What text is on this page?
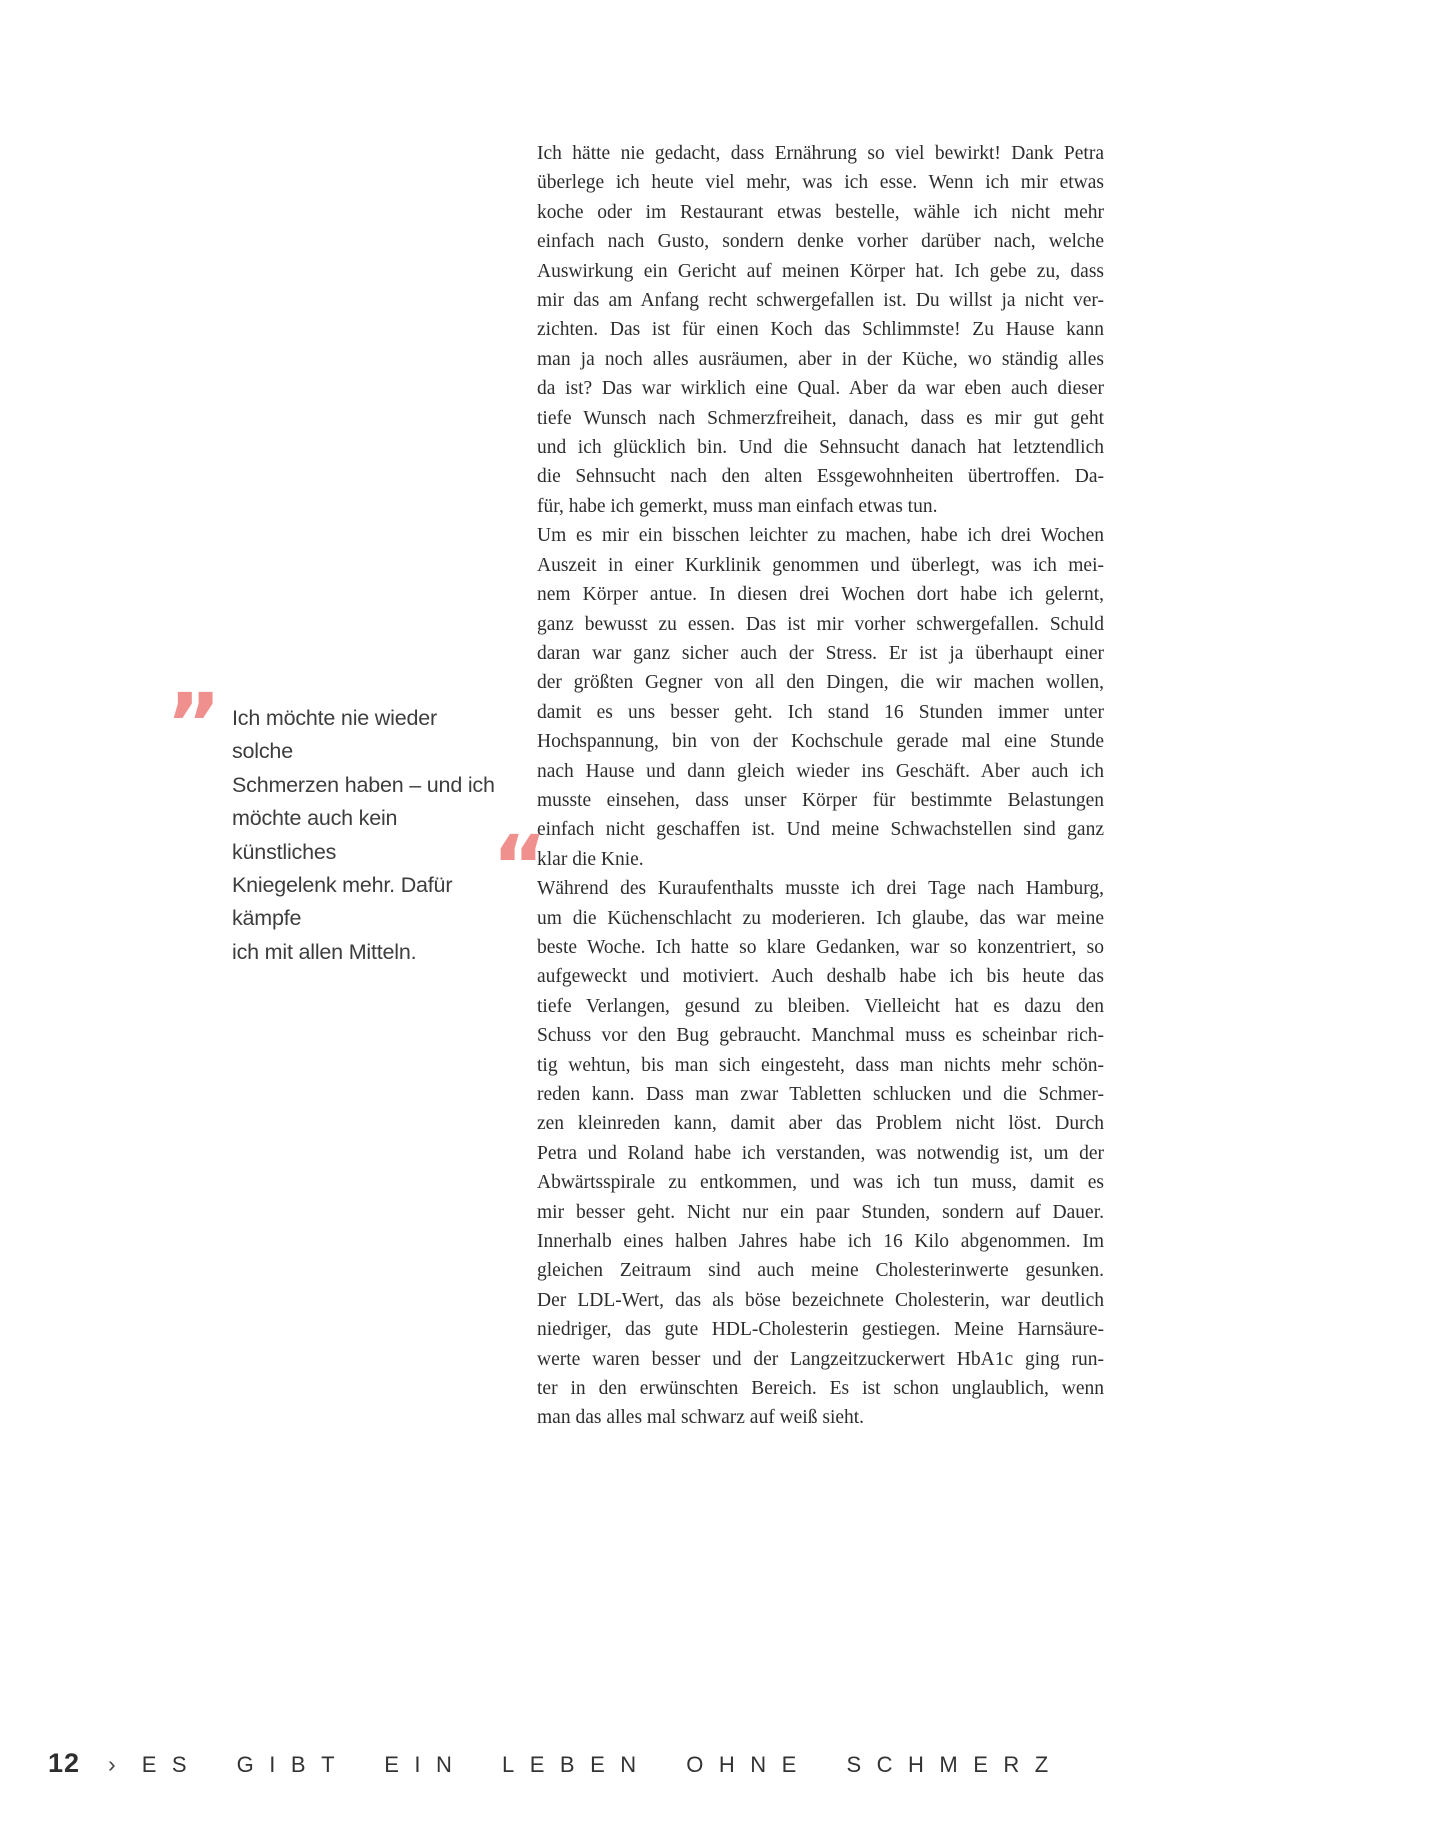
Ich hätte nie gedacht, dass Ernährung so viel bewirkt! Dank Petra
überlege ich heute viel mehr, was ich esse. Wenn ich mir etwas
koche oder im Restaurant etwas bestelle, wähle ich nicht mehr
einfach nach Gusto, sondern denke vorher darüber nach, welche
Auswirkung ein Gericht auf meinen Körper hat. Ich gebe zu, dass
mir das am Anfang recht schwergefallen ist. Du willst ja nicht ver-
zichten. Das ist für einen Koch das Schlimmste! Zu Hause kann
man ja noch alles ausräumen, aber in der Küche, wo ständig alles
da ist? Das war wirklich eine Qual. Aber da war eben auch dieser
tiefe Wunsch nach Schmerzfreiheit, danach, dass es mir gut geht
und ich glücklich bin. Und die Sehnsucht danach hat letztendlich
die Sehnsucht nach den alten Essgewohnheiten übertroffen. Da-
für, habe ich gemerkt, muss man einfach etwas tun.
Um es mir ein bisschen leichter zu machen, habe ich drei Wochen
Auszeit in einer Kurklinik genommen und überlegt, was ich mei-
nem Körper antue. In diesen drei Wochen dort habe ich gelernt,
ganz bewusst zu essen. Das ist mir vorher schwergefallen. Schuld
daran war ganz sicher auch der Stress. Er ist ja überhaupt einer
der größten Gegner von all den Dingen, die wir machen wollen,
damit es uns besser geht. Ich stand 16 Stunden immer unter
Hochspannung, bin von der Kochschule gerade mal eine Stunde
nach Hause und dann gleich wieder ins Geschäft. Aber auch ich
musste einsehen, dass unser Körper für bestimmte Belastungen
einfach nicht geschaffen ist. Und meine Schwachstellen sind ganz
klar die Knie.
Während des Kuraufenthalts musste ich drei Tage nach Hamburg,
um die Küchenschlacht zu moderieren. Ich glaube, das war meine
beste Woche. Ich hatte so klare Gedanken, war so konzentriert, so
aufgeweckt und motiviert. Auch deshalb habe ich bis heute das
tiefe Verlangen, gesund zu bleiben. Vielleicht hat es dazu den
Schuss vor den Bug gebraucht. Manchmal muss es scheinbar rich-
tig wehtun, bis man sich eingesteht, dass man nichts mehr schön-
reden kann. Dass man zwar Tabletten schlucken und die Schmer-
zen kleinreden kann, damit aber das Problem nicht löst. Durch
Petra und Roland habe ich verstanden, was notwendig ist, um der
Abwärtsspirale zu entkommen, und was ich tun muss, damit es
mir besser geht. Nicht nur ein paar Stunden, sondern auf Dauer.
Innerhalb eines halben Jahres habe ich 16 Kilo abgenommen. Im
gleichen Zeitraum sind auch meine Cholesterinwerte gesunken.
Der LDL-Wert, das als böse bezeichnete Cholesterin, war deutlich
niedriger, das gute HDL-Cholesterin gestiegen. Meine Harnsäure-
werte waren besser und der Langzeitzuckerwert HbA1c ging run-
ter in den erwünschten Bereich. Es ist schon unglaublich, wenn
man das alles mal schwarz auf weiß sieht.
” Ich möchte nie wieder solche
Schmerzen haben – und ich
möchte auch kein künstliches
Kniegelenk mehr. Dafür kämpfe
ich mit allen Mitteln.
“
12 › ES GIBT EIN LEBEN OHNE SCHMERZ
